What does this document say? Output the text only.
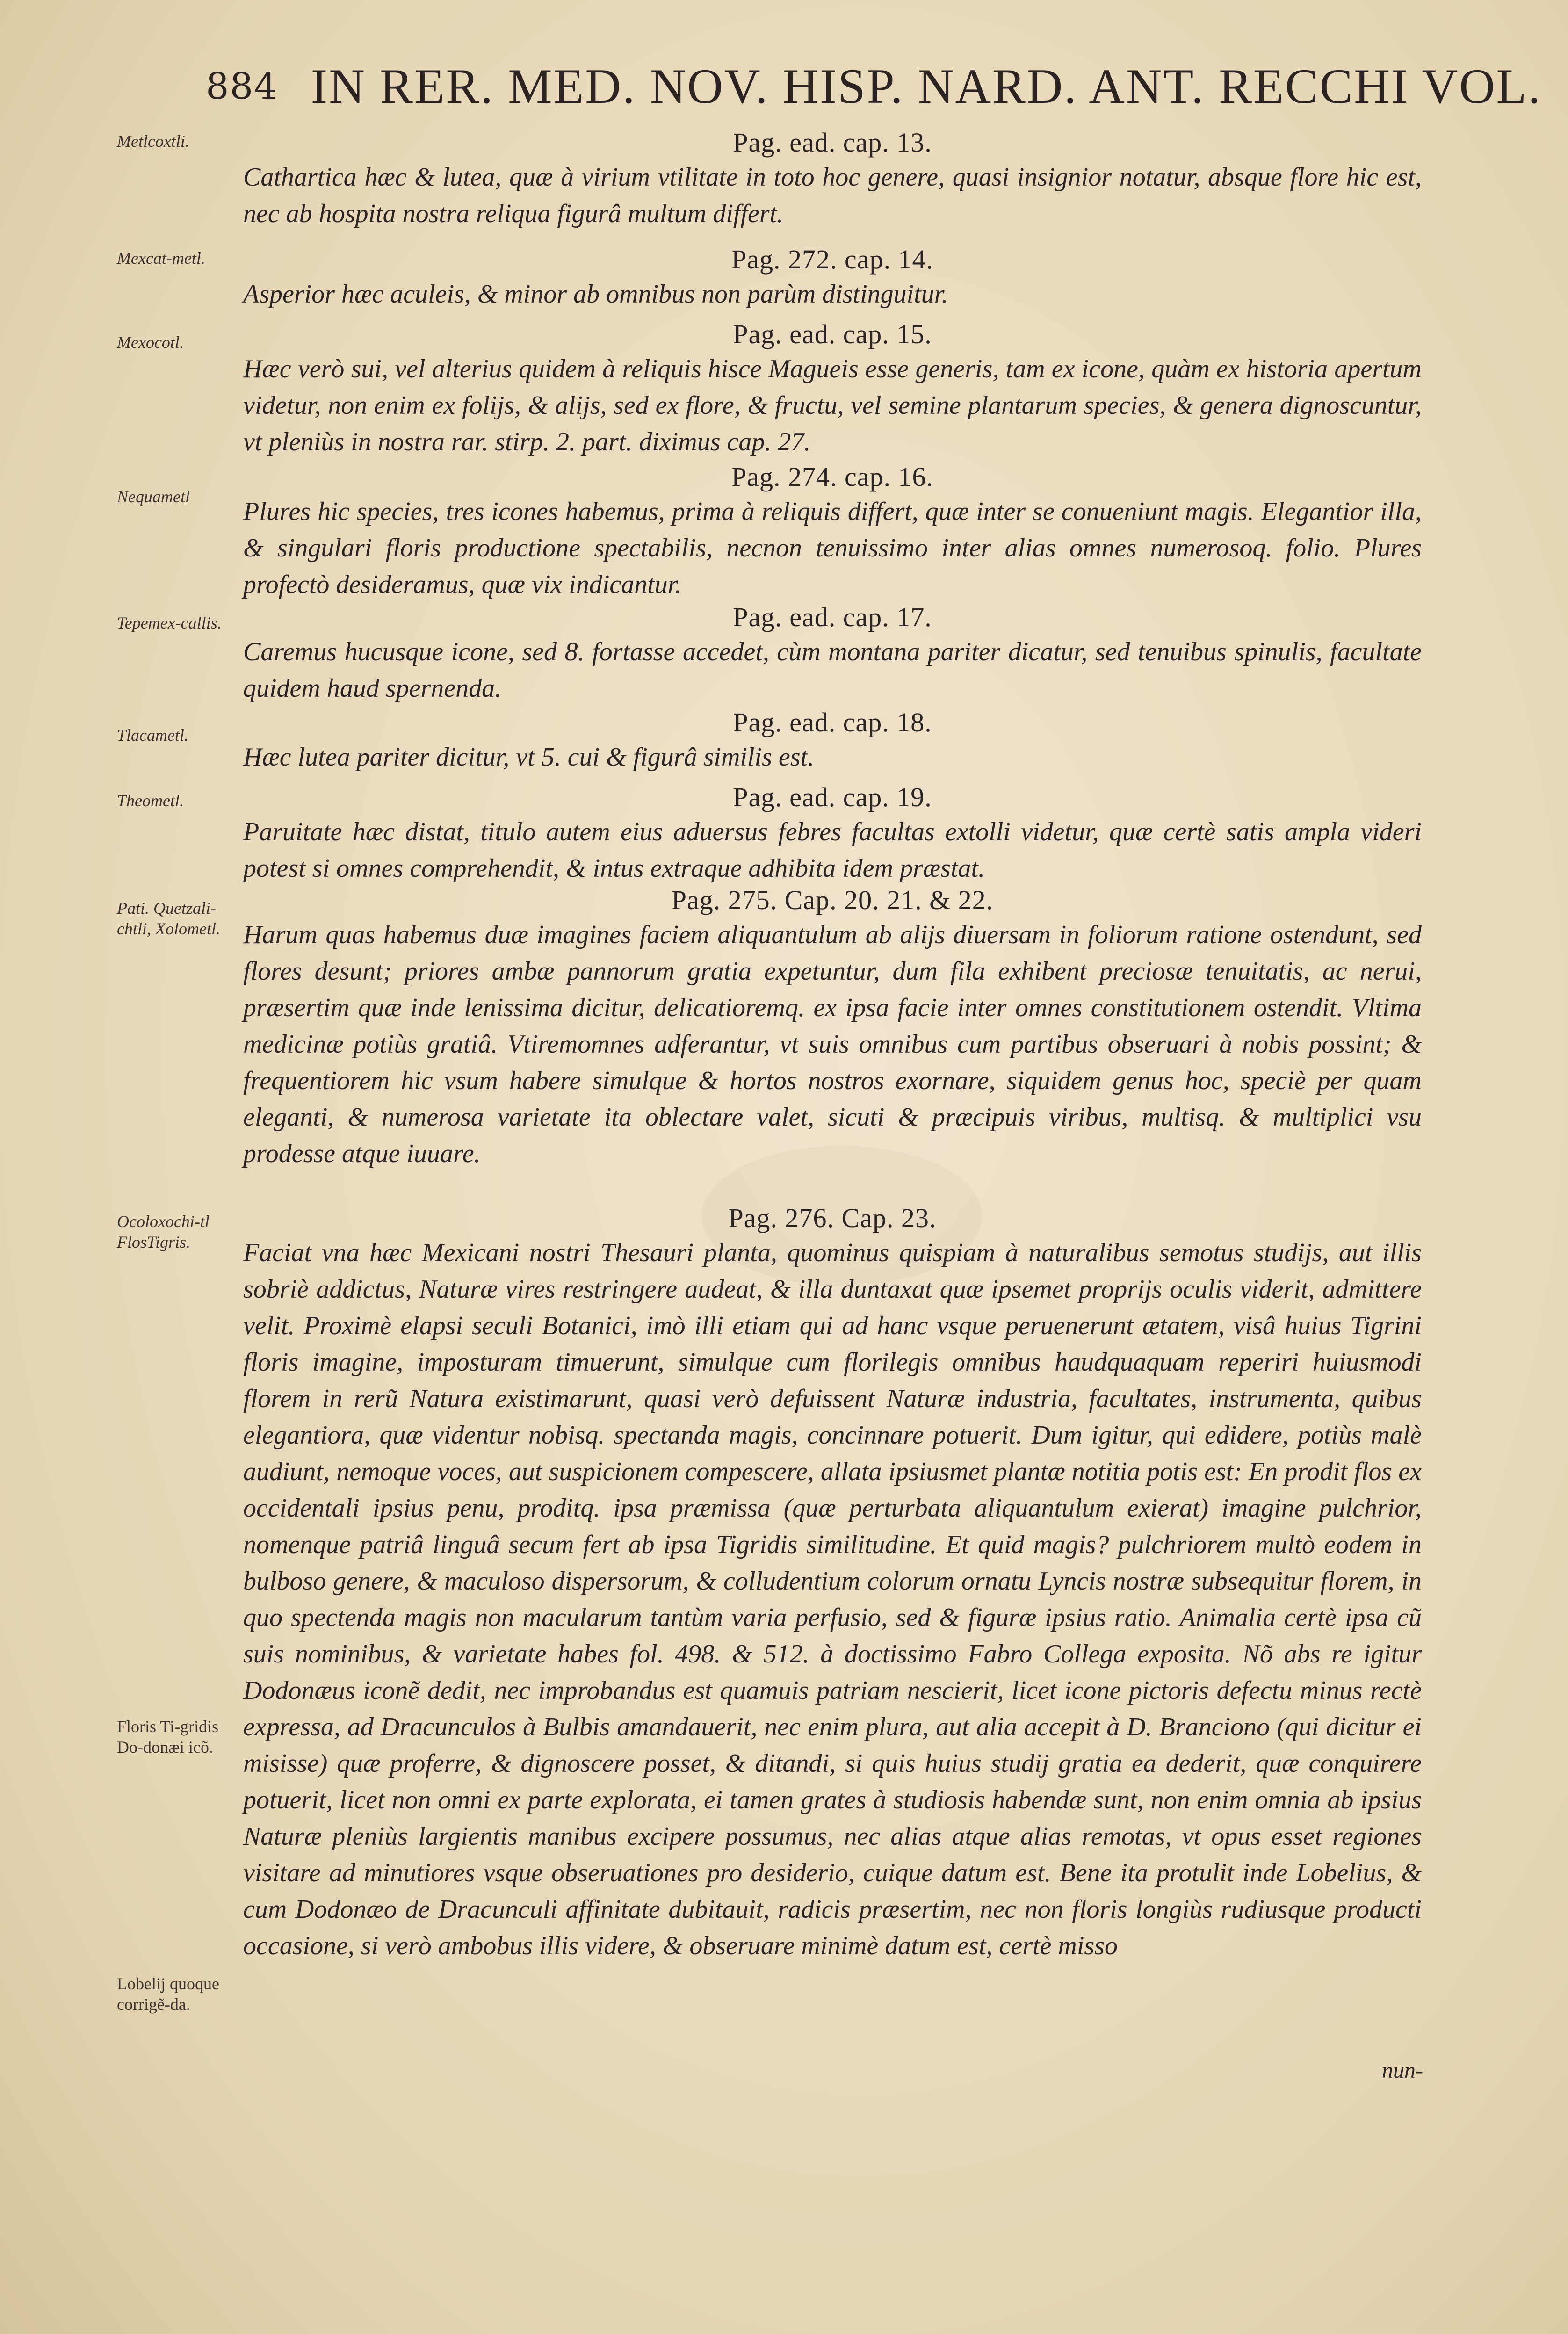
884 IN RER. MED. NOV. HISP. NARD. ANT. RECCHI VOL.
Metlcoxtli.
Mexcat-metl.
Mexocotl.
Nequametl
Tepemex-callis.
Tlacametl.
Theometl.
Pati. Quetzali-chtli, Xolometl.
Ocoloxochi-tl FlosTigris.
Floris Ti-gridis Do-donæi icõ.
Lobelij quoque corrigẽ-da.

Pag. ead. cap. 13.

Cathartica hæc & lutea, quæ à virium vtilitate in toto hoc genere, quasi insignior notatur, absque flore hic est, nec ab hospita nostra reliqua figurâ multum differt.

Pag. 272. cap. 14.

Asperior hæc aculeis, & minor ab omnibus non parùm distinguitur.

Pag. ead. cap. 15.

Hæc verò sui, vel alterius quidem à reliquis hisce Magueis esse generis, tam ex icone, quàm ex historia apertum videtur, non enim ex folijs, & alijs, sed ex flore, & fructu, vel semine plantarum species, & genera dignoscuntur, vt pleniùs in nostra rar. stirp. 2. part. diximus cap. 27.

Pag. 274. cap. 16.

Plures hic species, tres icones habemus, prima à reliquis differt, quæ inter se conueniunt magis. Elegantior illa, & singulari floris productione spectabilis, necnon tenuissimo inter alias omnes numerosoq. folio. Plures profectò desideramus, quæ vix indicantur.

Pag. ead. cap. 17.

Caremus hucusque icone, sed 8. fortasse accedet, cùm montana pariter dicatur, sed tenuibus spinulis, facultate quidem haud spernenda.

Pag. ead. cap. 18.

Hæc lutea pariter dicitur, vt 5. cui & figurâ similis est.

Pag. ead. cap. 19.

Paruitate hæc distat, titulo autem eius aduersus febres facultas extolli videtur, quæ certè satis ampla videri potest si omnes comprehendit, & intus extraque adhibita idem præstat.

Pag. 275. Cap. 20. 21. & 22.

Harum quas habemus duæ imagines faciem aliquantulum ab alijs diuersam in foliorum ratione ostendunt, sed flores desunt; priores ambæ pannorum gratia expetuntur, dum fila exhibent preciosæ tenuitatis, ac nerui, præsertim quæ inde lenissima dicitur, delicatioremq. ex ipsa facie inter omnes constitutionem ostendit. Vltima medicinæ potiùs gratiâ. Vtiremomnes adferantur, vt suis omnibus cum partibus obseruari à nobis possint; & frequentiorem hic vsum habere simulque & hortos nostros exornare, siquidem genus hoc, speciè per quam eleganti, & numerosa varietate ita oblectare valet, sicuti & præcipuis viribus, multisq. & multiplici vsu prodesse atque iuuare.

Pag. 276. Cap. 23.

Faciat vna hæc Mexicani nostri Thesauri planta, quominus quispiam à naturalibus semotus studijs, aut illis sobriè addictus, Naturæ vires restringere audeat, & illa duntaxat quæ ipsemet proprijs oculis viderit, admittere velit. Proximè elapsi seculi Botanici, imò illi etiam qui ad hanc vsque peruenerunt ætatem, visâ huius Tigrini floris imagine, imposturam timuerunt, simulque cum florilegis omnibus haudquaquam reperiri huiusmodi florem in rerũ Natura existimarunt, quasi verò defuissent Naturæ industria, facultates, instrumenta, quibus elegantiora, quæ videntur nobisq. spectanda magis, concinnare potuerit. Dum igitur, qui edidere, potiùs malè audiunt, nemoque voces, aut suspicionem compescere, allata ipsiusmet plantæ notitia potis est: En prodit flos ex occidentali ipsius penu, proditq. ipsa præmissa (quæ perturbata aliquantulum exierat) imagine pulchrior, nomenque patriâ linguâ secum fert ab ipsa Tigridis similitudine. Et quid magis? pulchriorem multò eodem in bulboso genere, & maculoso dispersorum, & colludentium colorum ornatu Lyncis nostræ subsequitur florem, in quo spectenda magis non macularum tantùm varia perfusio, sed & figuræ ipsius ratio. Animalia certè ipsa cũ suis nominibus, & varietate habes fol. 498. & 512. à doctissimo Fabro Collega exposita. Nõ abs re igitur Dodonæus iconẽ dedit, nec improbandus est quamuis patriam nescierit, licet icone pictoris defectu minus rectè expressa, ad Dracunculos à Bulbis amandauerit, nec enim plura, aut alia accepit à D. Branciono (qui dicitur ei misisse) quæ proferre, & dignoscere posset, & ditandi, si quis huius studij gratia ea dederit, quæ conquirere potuerit, licet non omni ex parte explorata, ei tamen grates à studiosis habendæ sunt, non enim omnia ab ipsius Naturæ pleniùs largientis manibus excipere possumus, nec alias atque alias remotas, vt opus esset regiones visitare ad minutiores vsque obseruationes pro desiderio, cuique datum est. Bene ita protulit inde Lobelius, & cum Dodonæo de Dracunculi affinitate dubitauit, radicis præsertim, nec non floris longiùs rudiusque producti occasione, si verò ambobus illis videre, & obseruare minimè datum est, certè misso

nun-
